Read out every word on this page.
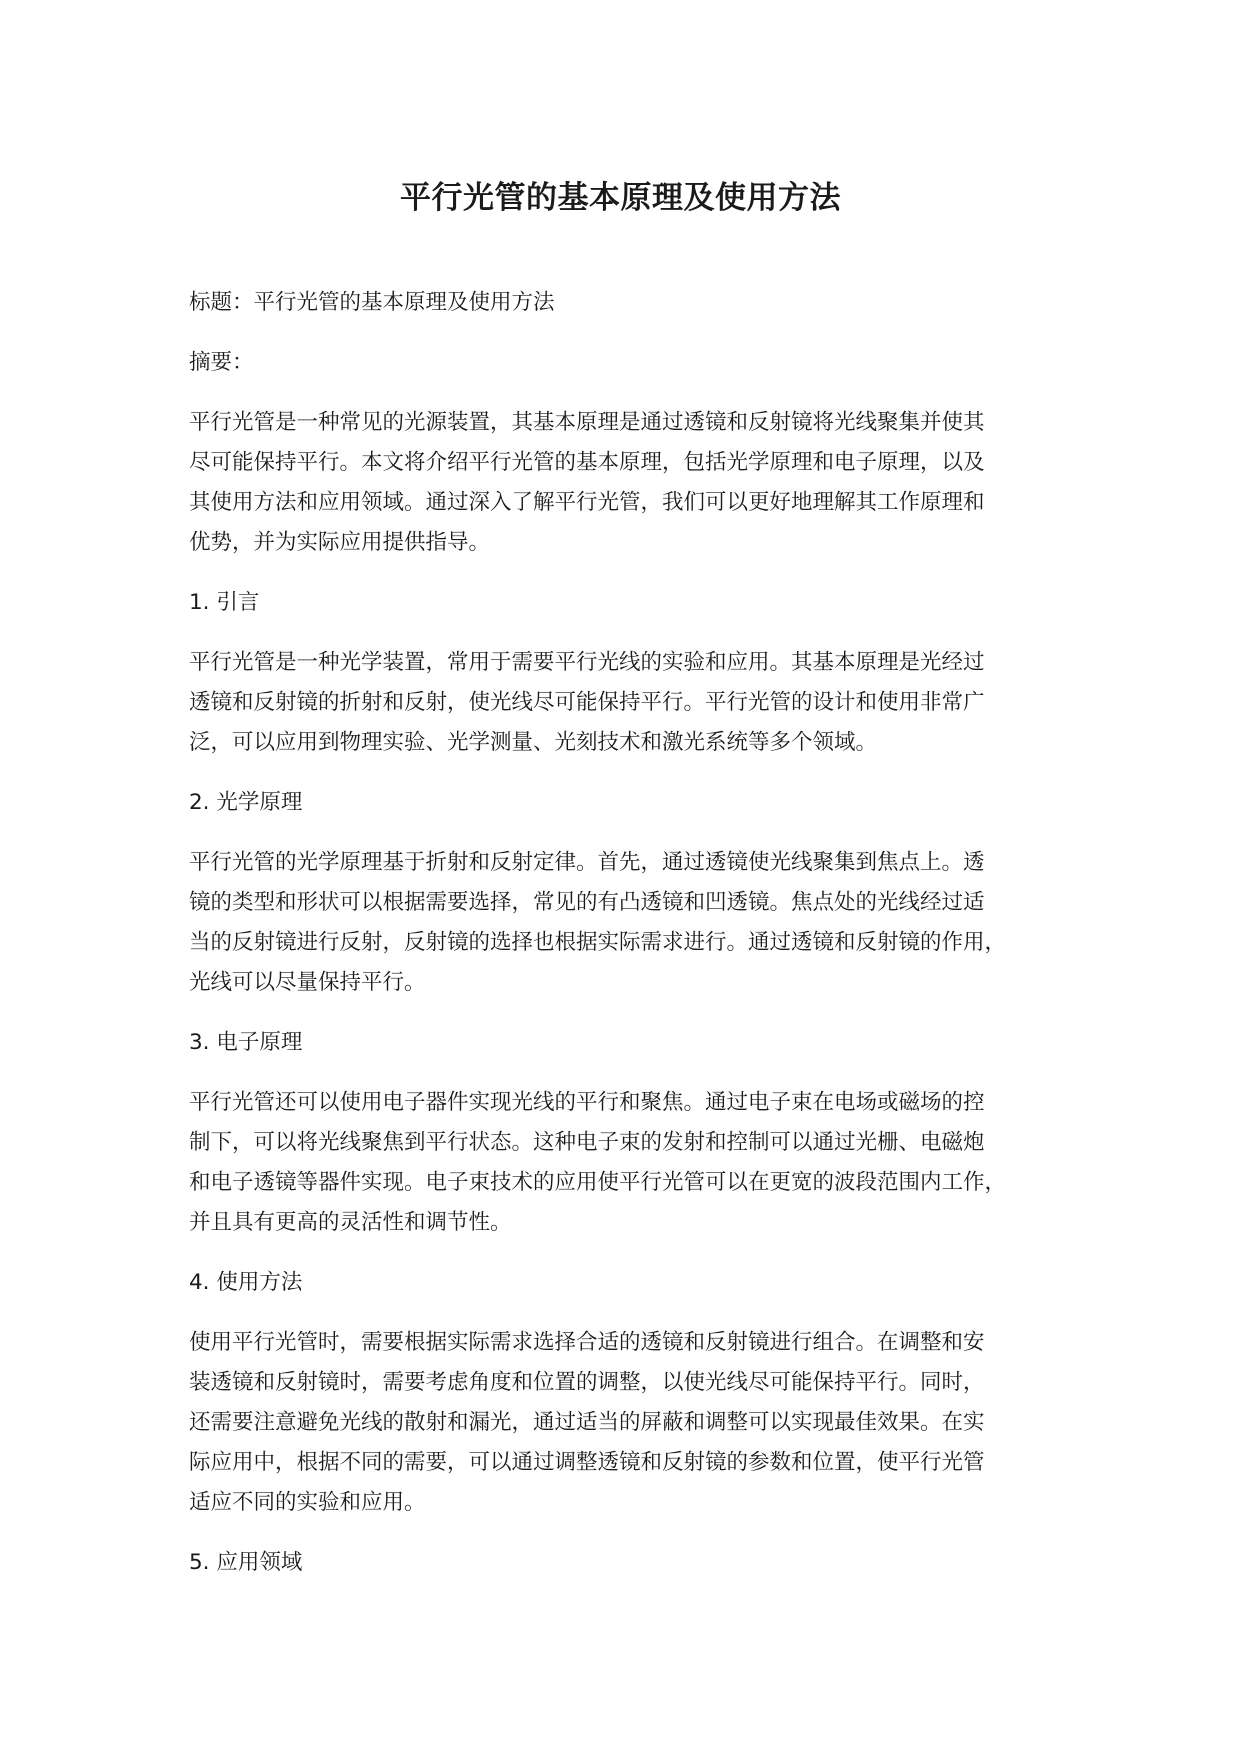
平行光管的基本原理及使用方法

标题：平行光管的基本原理及使用方法

摘要：

平行光管是一种常见的光源装置，其基本原理是通过透镜和反射镜将光线聚集并使其

尽可能保持平行。本文将介绍平行光管的基本原理，包括光学原理和电子原理，以及

其使用方法和应用领域。通过深入了解平行光管，我们可以更好地理解其工作原理和

优势，并为实际应用提供指导。

1. 引言

平行光管是一种光学装置，常用于需要平行光线的实验和应用。其基本原理是光经过

透镜和反射镜的折射和反射，使光线尽可能保持平行。平行光管的设计和使用非常广

泛，可以应用到物理实验、光学测量、光刻技术和激光系统等多个领域。

2. 光学原理

平行光管的光学原理基于折射和反射定律。首先，通过透镜使光线聚集到焦点上。透

镜的类型和形状可以根据需要选择，常见的有凸透镜和凹透镜。焦点处的光线经过适

当的反射镜进行反射，反射镜的选择也根据实际需求进行。通过透镜和反射镜的作用，

光线可以尽量保持平行。

3. 电子原理

平行光管还可以使用电子器件实现光线的平行和聚焦。通过电子束在电场或磁场的控

制下，可以将光线聚焦到平行状态。这种电子束的发射和控制可以通过光栅、电磁炮

和电子透镜等器件实现。电子束技术的应用使平行光管可以在更宽的波段范围内工作，

并且具有更高的灵活性和调节性。

4. 使用方法

使用平行光管时，需要根据实际需求选择合适的透镜和反射镜进行组合。在调整和安

装透镜和反射镜时，需要考虑角度和位置的调整，以使光线尽可能保持平行。同时，

还需要注意避免光线的散射和漏光，通过适当的屏蔽和调整可以实现最佳效果。在实

际应用中，根据不同的需要，可以通过调整透镜和反射镜的参数和位置，使平行光管

适应不同的实验和应用。

5. 应用领域
